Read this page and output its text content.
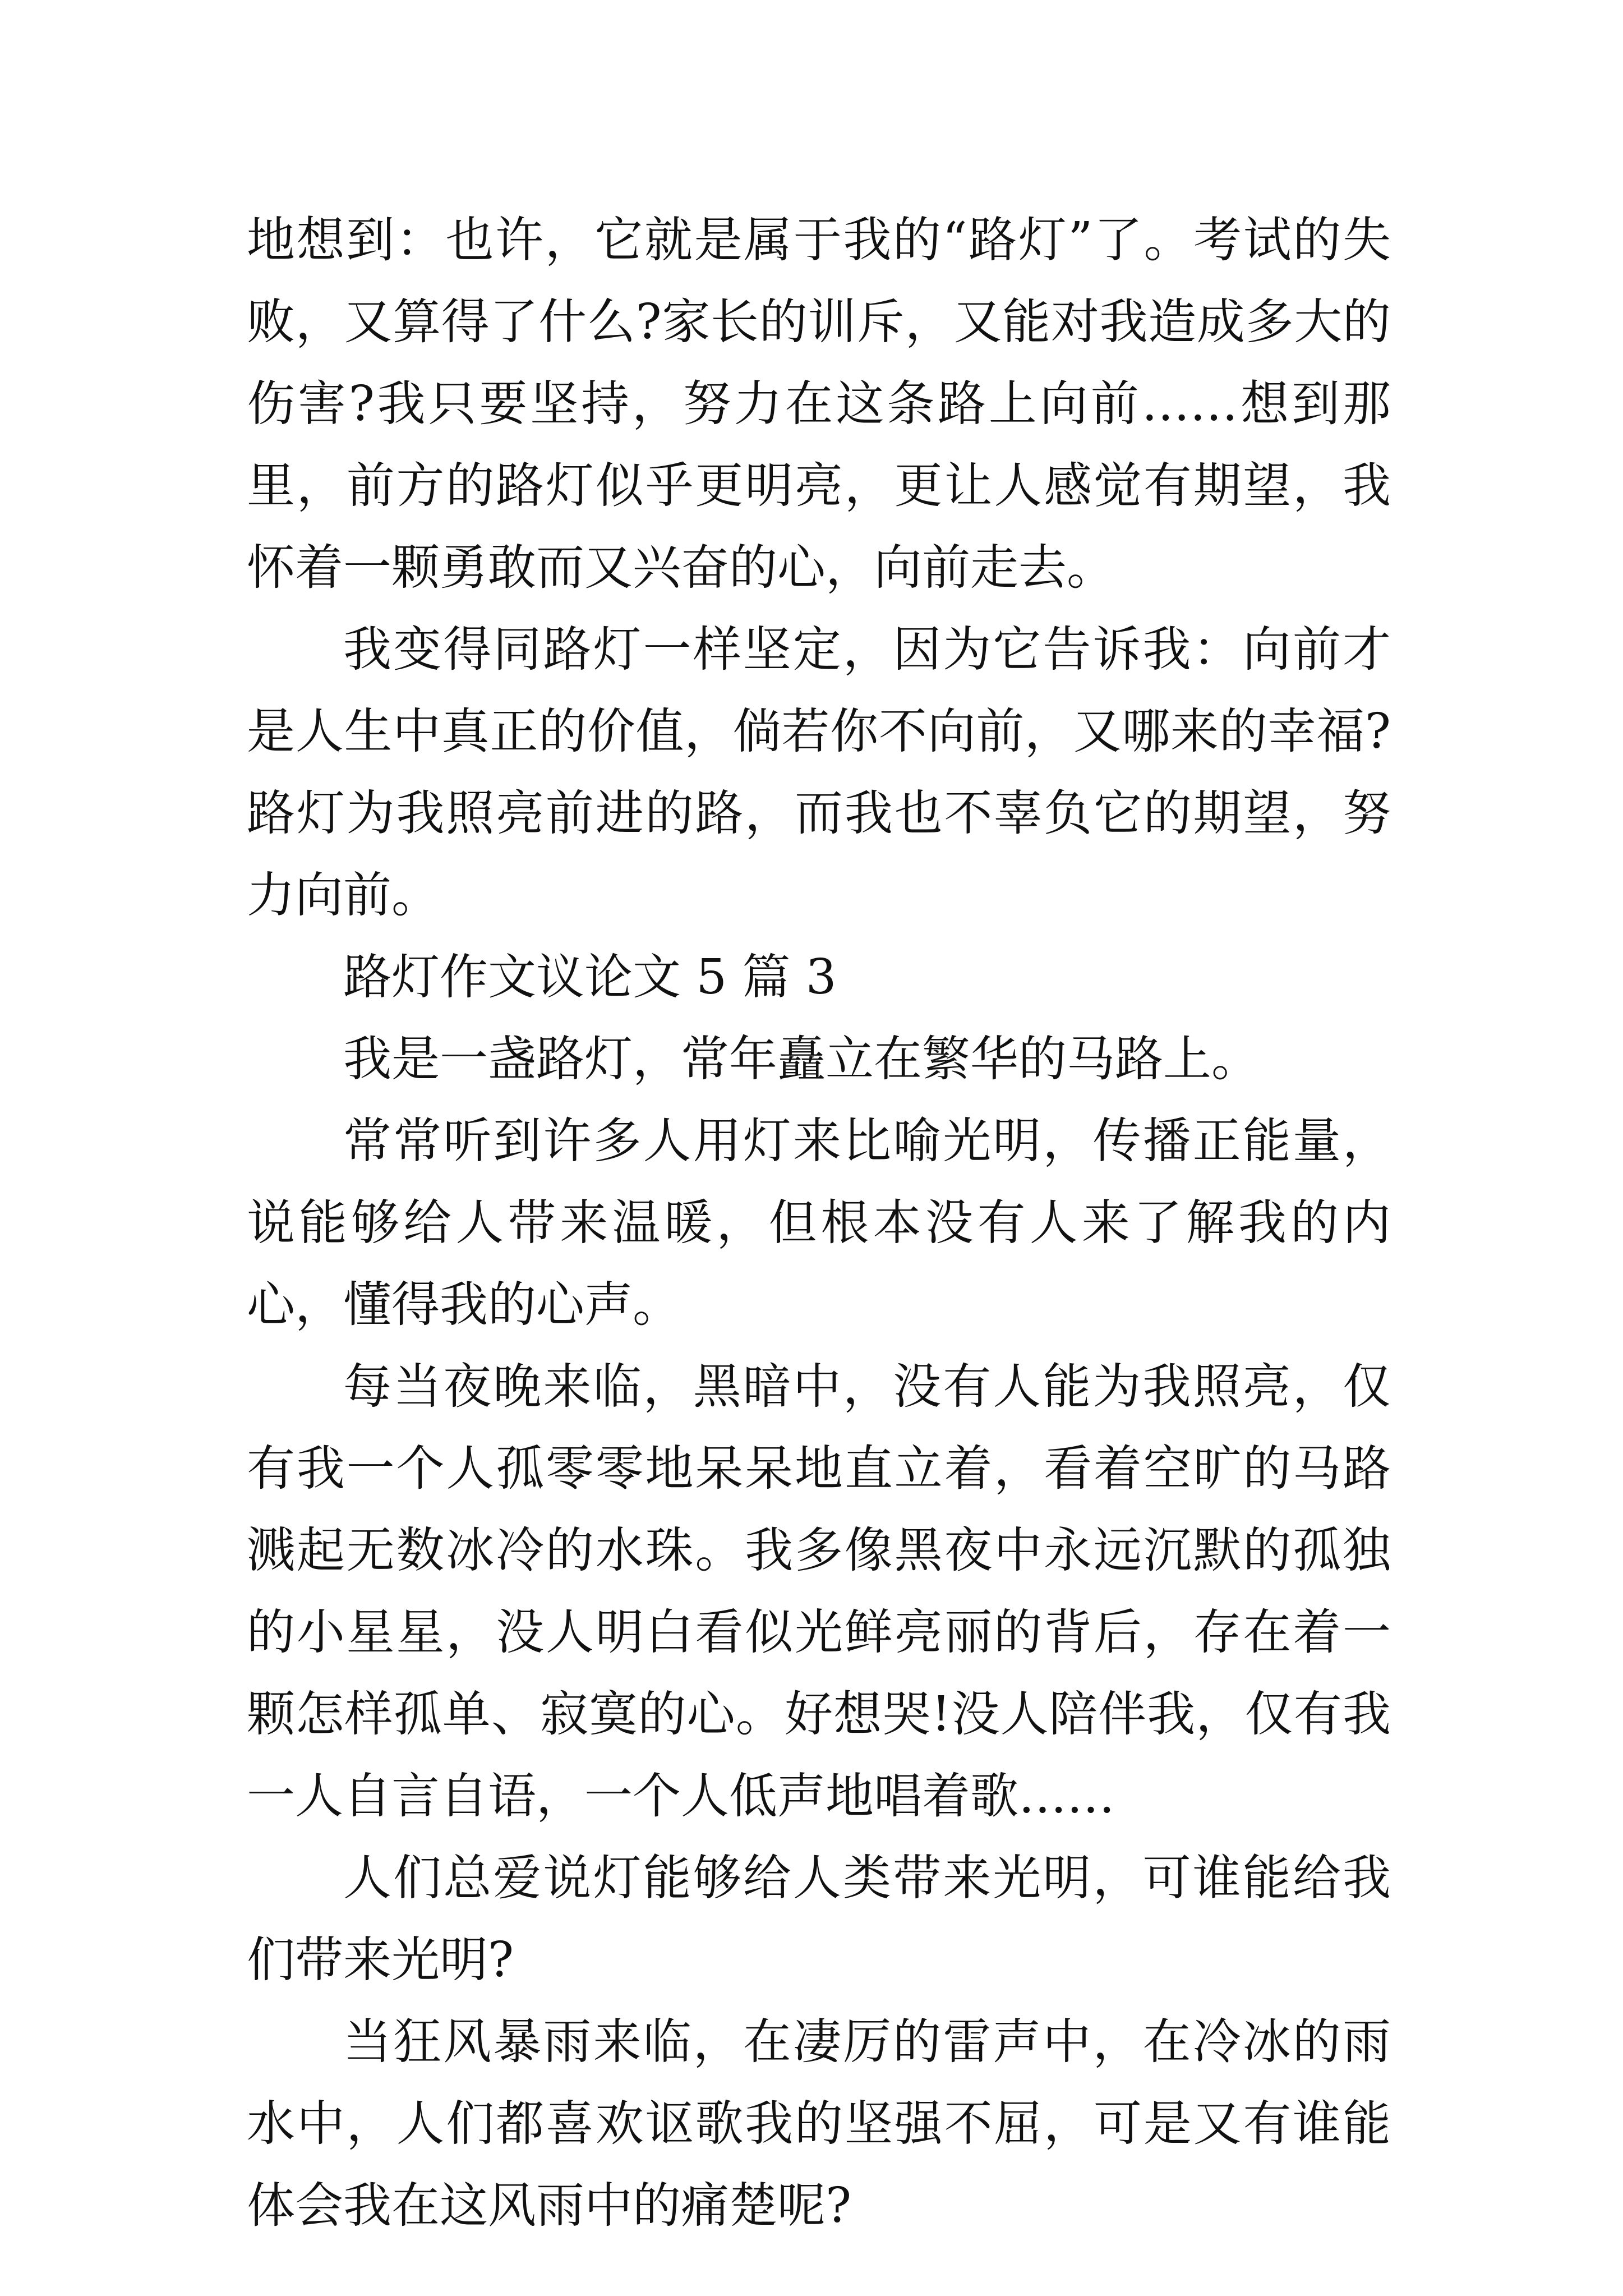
地想到：也许，它就是属于我的“路灯”了。考试的失败，又算得了什么?家长的训斥，又能对我造成多大的伤害?我只要坚持，努力在这条路上向前……想到那里，前方的路灯似乎更明亮，更让人感觉有期望，我怀着一颗勇敢而又兴奋的心，向前走去。

我变得同路灯一样坚定，因为它告诉我：向前才是人生中真正的价值，倘若你不向前，又哪来的幸福?路灯为我照亮前进的路，而我也不辜负它的期望，努力向前。

路灯作文议论文 5 篇 3

我是一盏路灯，常年矗立在繁华的马路上。

常常听到许多人用灯来比喻光明，传播正能量，说能够给人带来温暖，但根本没有人来了解我的内心，懂得我的心声。

每当夜晚来临，黑暗中，没有人能为我照亮，仅有我一个人孤零零地呆呆地直立着，看着空旷的马路溅起无数冰冷的水珠。我多像黑夜中永远沉默的孤独的小星星，没人明白看似光鲜亮丽的背后，存在着一颗怎样孤单、寂寞的心。好想哭!没人陪伴我，仅有我一人自言自语，一个人低声地唱着歌……

人们总爱说灯能够给人类带来光明，可谁能给我们带来光明?

当狂风暴雨来临，在凄厉的雷声中，在冷冰的雨水中，人们都喜欢讴歌我的坚强不屈，可是又有谁能体会我在这风雨中的痛楚呢?
